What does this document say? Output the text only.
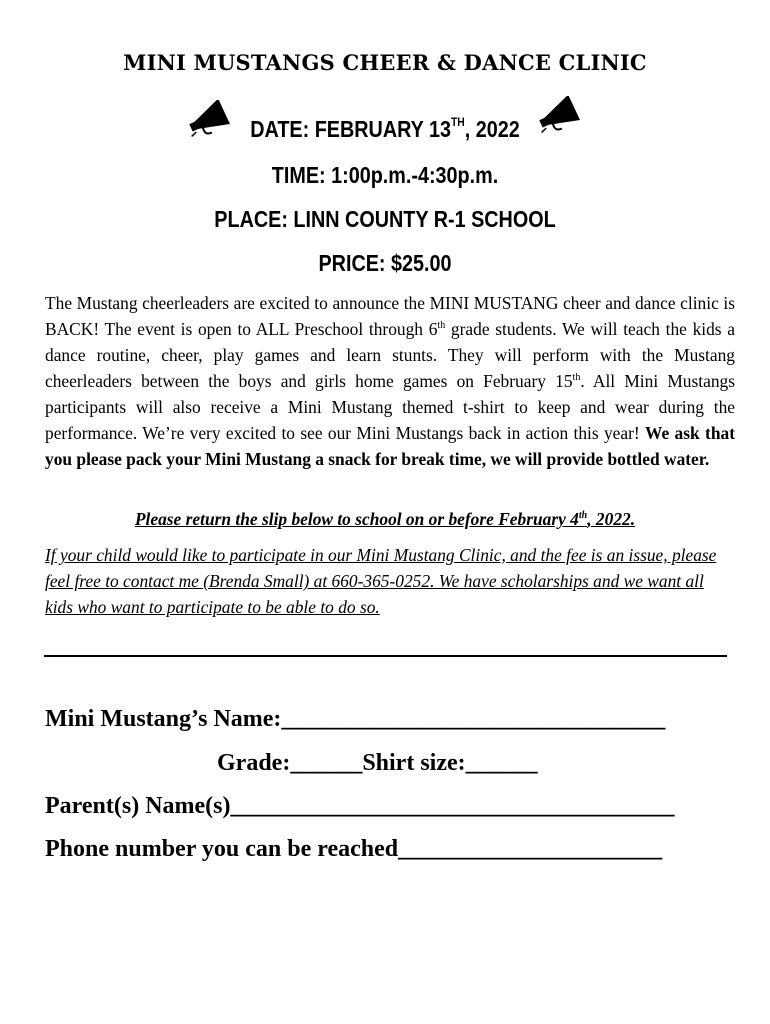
MINI MUSTANGS CHEER & DANCE CLINIC
DATE: FEBRUARY 13TH, 2022
TIME: 1:00p.m.-4:30p.m.
PLACE: LINN COUNTY R-1 SCHOOL
PRICE: $25.00
The Mustang cheerleaders are excited to announce the MINI MUSTANG cheer and dance clinic is BACK! The event is open to ALL Preschool through 6th grade students. We will teach the kids a dance routine, cheer, play games and learn stunts. They will perform with the Mustang cheerleaders between the boys and girls home games on February 15th. All Mini Mustangs participants will also receive a Mini Mustang themed t-shirt to keep and wear during the performance. We’re very excited to see our Mini Mustangs back in action this year! We ask that you please pack your Mini Mustang a snack for break time, we will provide bottled water.
Please return the slip below to school on or before February 4th, 2022.
If your child would like to participate in our Mini Mustang Clinic, and the fee is an issue, please feel free to contact me (Brenda Small) at 660-365-0252. We have scholarships and we want all kids who want to participate to be able to do so.
Mini Mustang’s Name:________________________________
Grade:______Shirt size:______
Parent(s) Name(s)_____________________________________
Phone number you can be reached______________________
